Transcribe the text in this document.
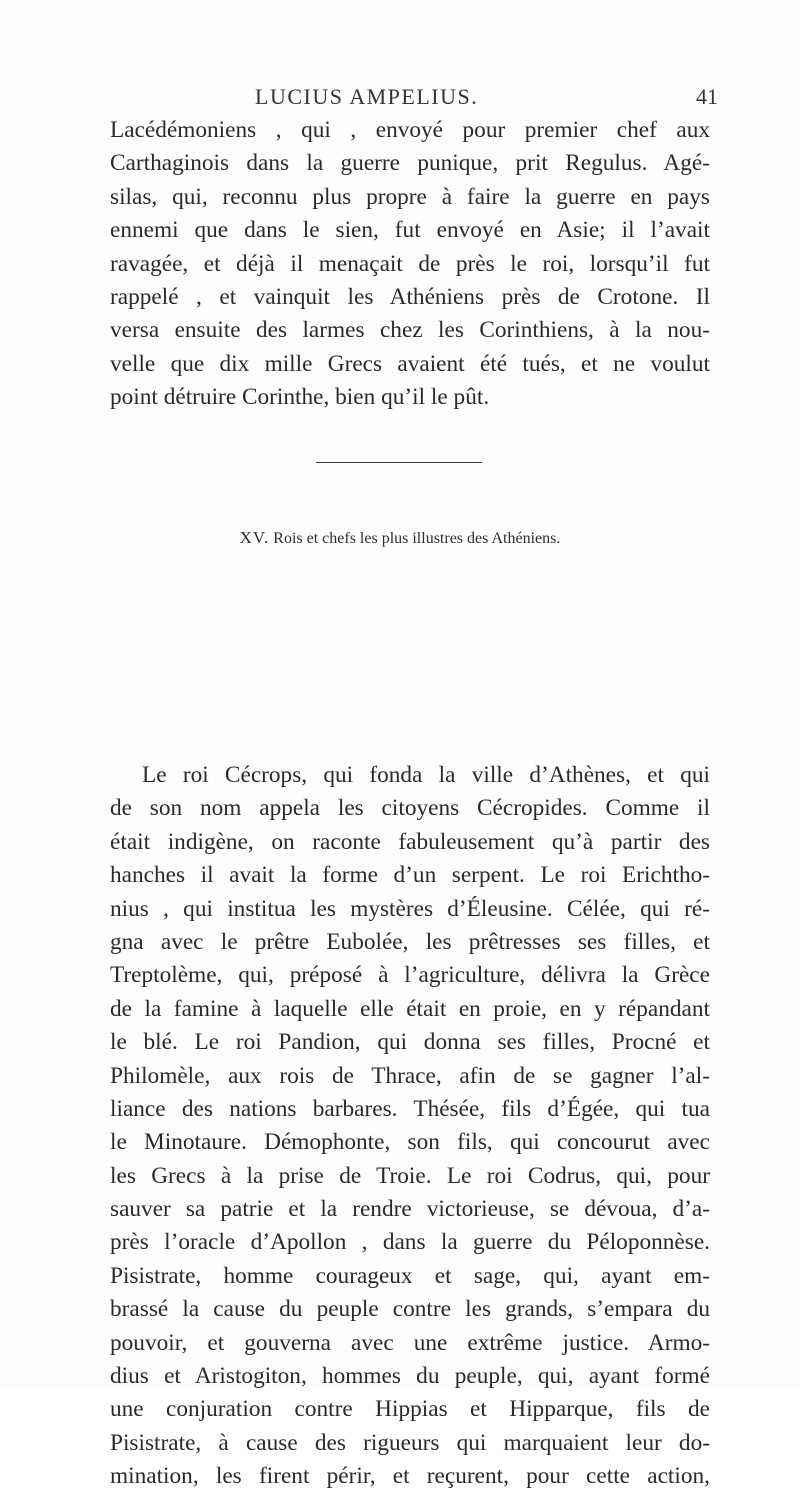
LUCIUS AMPELIUS.	41
Lacédémoniens , qui , envoyé pour premier chef aux
Carthaginois dans la guerre punique, prit Regulus. Agé-
silas, qui, reconnu plus propre à faire la guerre en pays
ennemi que dans le sien, fut envoyé en Asie; il l’avait
ravagée, et déjà il menaçait de près le roi, lorsqu’il fut
rappelé , et vainquit les Athéniens près de Crotone. Il
versa ensuite des larmes chez les Corinthiens, à la nou-
velle que dix mille Grecs avaient été tués, et ne voulut
point détruire Corinthe, bien qu’il le pût.
XV. Rois et chefs les plus illustres des Athéniens.
Le roi Cécrops, qui fonda la ville d’Athènes, et qui
de son nom appela les citoyens Cécropides. Comme il
était indigène, on raconte fabuleusement qu’à partir des
hanches il avait la forme d’un serpent. Le roi Erichtho-
nius , qui institua les mystères d’Éleusine. Célée, qui ré-
gna avec le prêtre Eubolée, les prêtresses ses filles, et
Treptolème, qui, préposé à l’agriculture, délivra la Grèce
de la famine à laquelle elle était en proie, en y répandant
le blé. Le roi Pandion, qui donna ses filles, Procné et
Philomèle, aux rois de Thrace, afin de se gagner l’al-
liance des nations barbares. Thésée, fils d’Égée, qui tua
le Minotaure. Démophonte, son fils, qui concourut avec
les Grecs à la prise de Troie. Le roi Codrus, qui, pour
sauver sa patrie et la rendre victorieuse, se dévoua, d’a-
près l’oracle d’Apollon , dans la guerre du Péloponnèse.
Pisistrate, homme courageux et sage, qui, ayant em-
brassé la cause du peuple contre les grands, s’empara du
pouvoir, et gouverna avec une extrême justice. Armo-
dius et Aristogiton, hommes du peuple, qui, ayant formé
une conjuration contre Hippias et Hipparque, fils de
Pisistrate, à cause des rigueurs qui marquaient leur do-
mination, les firent périr, et reçurent, pour cette action,
